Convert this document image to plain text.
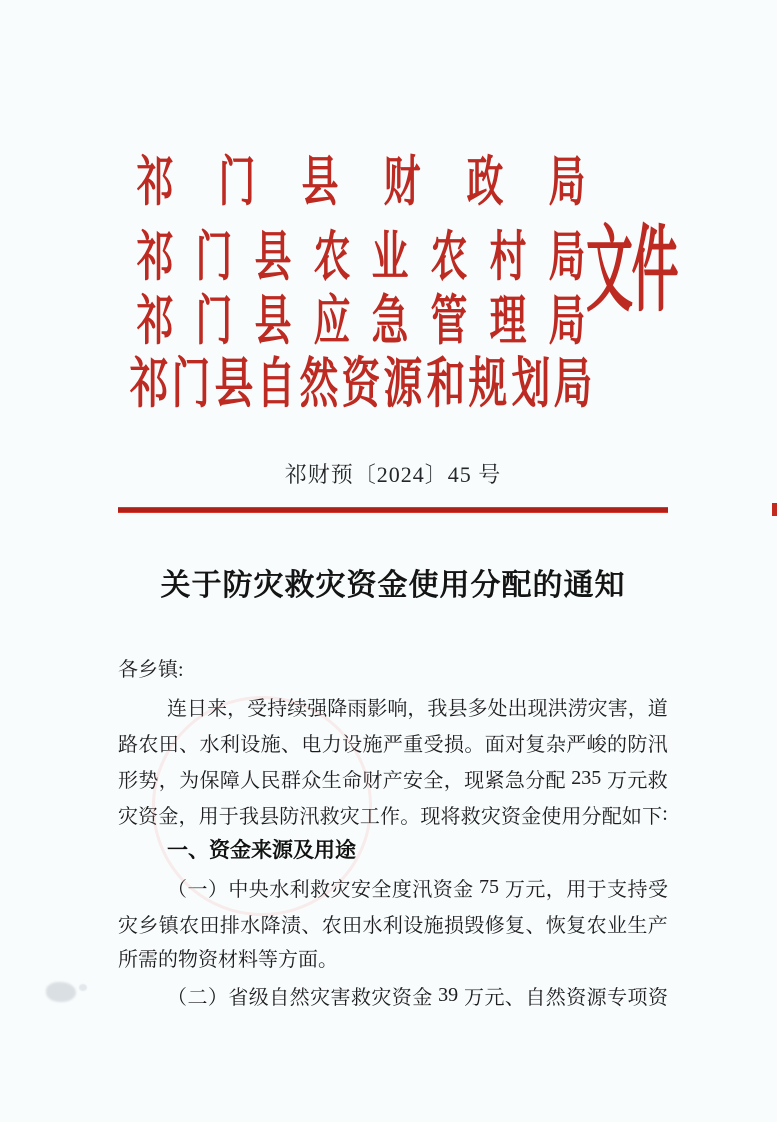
祁 门 县 财 政 局
祁 门 县 农 业 农 村 局
祁 门 县 应 急 管 理 局
祁 门 县 自 然 资 源 和 规 划 局
文件
祁财预〔2024〕45 号
关于防灾救灾资金使用分配的通知
各乡镇:
连 日 来 ， 受 持 续 强 降 雨 影 响 ， 我 县 多 处 出 现 洪 涝 灾 害 ， 道
路 农 田 、 水 利 设 施 、 电 力 设 施 严 重 受 损 。 面 对 复 杂 严 峻 的 防 汛
形 势 ， 为 保 障 人 民 群 众 生 命 财 产 安 全 ， 现 紧 急 分 配
235
万 元 救
灾 资 金 ， 用 于 我 县 防 汛 救 灾 工 作 。 现 将 救 灾 资 金 使 用 分 配 如 下 :
一、资金来源及用途
（ 一 ） 中 央 水 利 救 灾 安 全 度 汛 资 金
75
万 元 ， 用 于 支 持 受
灾 乡 镇 农 田 排 水 降 渍 、 农 田 水 利 设 施 损 毁 修 复 、 恢 复 农 业 生 产
所需的物资材料等方面。
（ 二 ） 省 级 自 然 灾 害 救 灾 资 金
39
万 元 、 自 然 资 源 专 项 资
